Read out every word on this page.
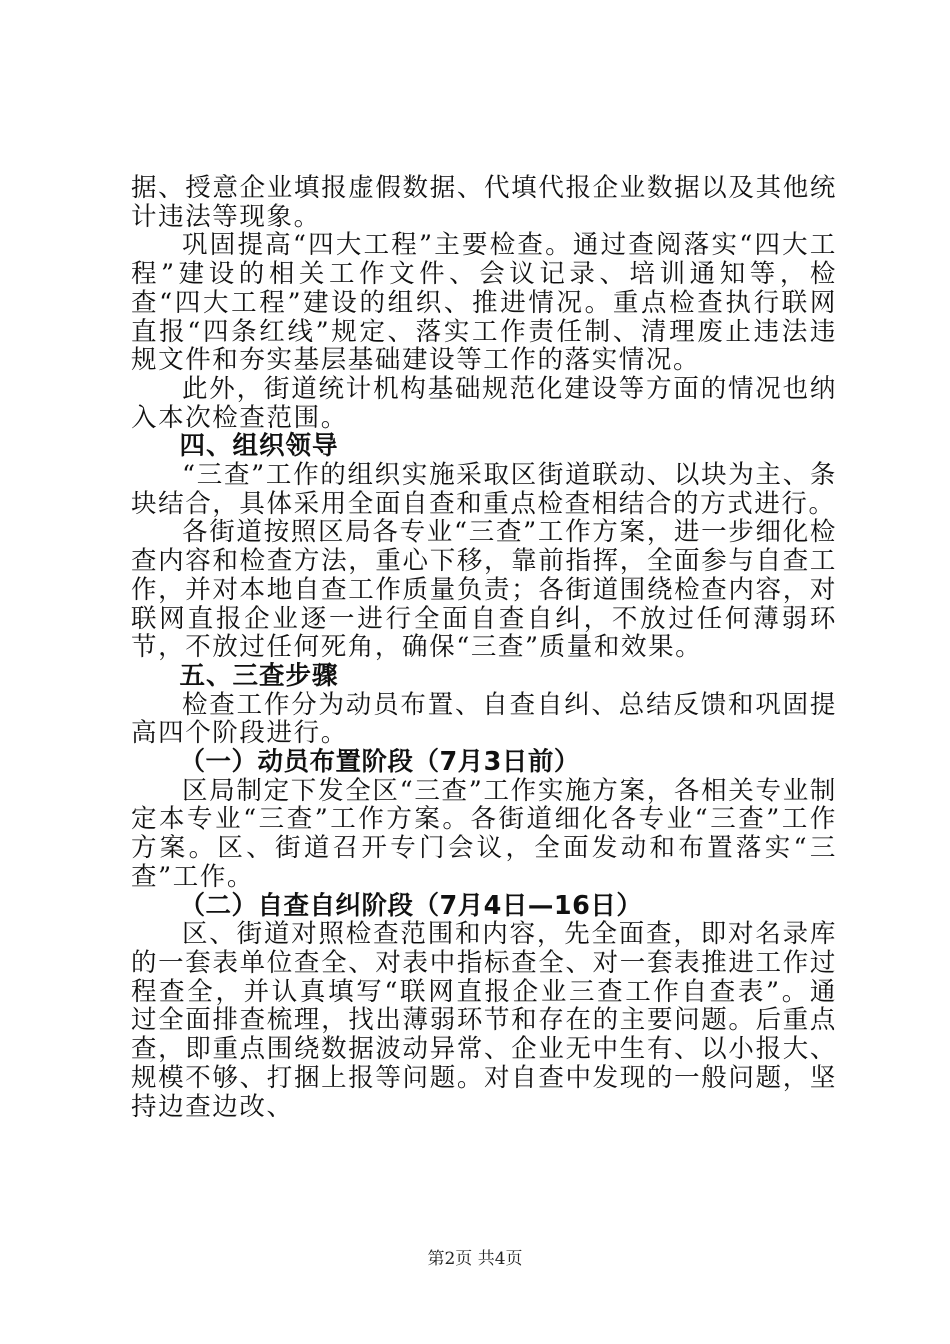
据、授意企业填报虚假数据、代填代报企业数据以及其他统计违法等现象。

巩固提高“四大工程”主要检查。通过查阅落实“四大工程”建设的相关工作文件、会议记录、培训通知等，检查“四大工程”建设的组织、推进情况。重点检查执行联网直报“四条红线”规定、落实工作责任制、清理废止违法违规文件和夯实基层基础建设等工作的落实情况。

此外，街道统计机构基础规范化建设等方面的情况也纳入本次检查范围。

四、组织领导

“三查”工作的组织实施采取区街道联动、以块为主、条块结合，具体采用全面自查和重点检查相结合的方式进行。

各街道按照区局各专业“三查”工作方案，进一步细化检查内容和检查方法，重心下移，靠前指挥，全面参与自查工作，并对本地自查工作质量负责；各街道围绕检查内容，对联网直报企业逐一进行全面自查自纠，不放过任何薄弱环节，不放过任何死角，确保“三查”质量和效果。

五、三查步骤

检查工作分为动员布置、自查自纠、总结反馈和巩固提高四个阶段进行。

（一）动员布置阶段（7月3日前）

区局制定下发全区“三查”工作实施方案，各相关专业制定本专业“三查”工作方案。各街道细化各专业“三查”工作方案。区、街道召开专门会议，全面发动和布置落实“三查”工作。

（二）自查自纠阶段（7月4日—16日）

区、街道对照检查范围和内容，先全面查，即对名录库的一套表单位查全、对表中指标查全、对一套表推进工作过程查全，并认真填写“联网直报企业三查工作自查表”。通过全面排查梳理，找出薄弱环节和存在的主要问题。后重点查，即重点围绕数据波动异常、企业无中生有、以小报大、规模不够、打捆上报等问题。对自查中发现的一般问题，坚持边查边改、

第2页 共4页
